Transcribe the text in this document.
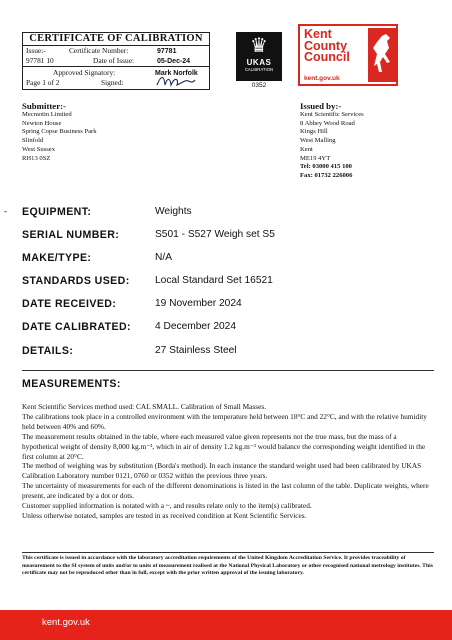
CERTIFICATE OF CALIBRATION
Issue:-	Certificate Number:	97781
97781 10	Date of Issue:	05-Dec-24
Approved Signatory:	Mark Norfolk
Page 1 of 2	Signed:
♛
UKAS
CALIBRATION
0352
Kent
County
Council
kent.gov.uk
Submitter:-
Mecmotin Limited
Newton House
Spring Copse Business Park
Slinfold
West Sussex
RH13 0SZ
Issued by:-
Kent Scientific Services
8 Abbey Wood Road
Kings Hill
West Malling
Kent
ME19 4YT
Tel: 03000 415 100
Fax: 01732 226006
- EQUIPMENT:	Weights
SERIAL NUMBER:	S501 - S527 Weigh set S5
MAKE/TYPE:	N/A
STANDARDS USED: Local Standard Set 16521
DATE RECEIVED:	19 November 2024
DATE CALIBRATED: 4 December 2024
DETAILS:	27 Stainless Steel
MEASUREMENTS:
Kent Scientific Services method used: CAL SMALL. Calibration of Small Masses.
The calibrations took place in a controlled environment with the temperature held between 18°C and 22°C, and with the relative humidity held between 40% and 60%.
The measurement results obtained in the table, where each measured value given represents not the true mass, but the mass of a hypothetical weight of density 8,000 kg.m⁻³, which in air of density 1.2 kg.m⁻³ would balance the corresponding weight identified in the first column at 20°C.
The method of weighing was by substitution (Borda's method). In each instance the standard weight used had been calibrated by UKAS Calibration Laboratory number 0121, 0760 or 0352 within the previous three years.
The uncertainty of measurements for each of the different denominations is listed in the last column of the table. Duplicate weights, where present, are indicated by a dot or dots.
Customer supplied information is notated with a ~, and results relate only to the item(s) calibrated.
Unless otherwise notated, samples are tested in as received condition at Kent Scientific Services.
This certificate is issued in accordance with the laboratory accreditation requirements of the United Kingdom Accreditation Service. It provides traceability of measurement to the SI system of units and/or to units of measurement realised at the National Physical Laboratory or other recognised national metrology institutes. This certificate may not be reproduced other than in full, except with the prior written approval of the issuing laboratory.
kent.gov.uk
